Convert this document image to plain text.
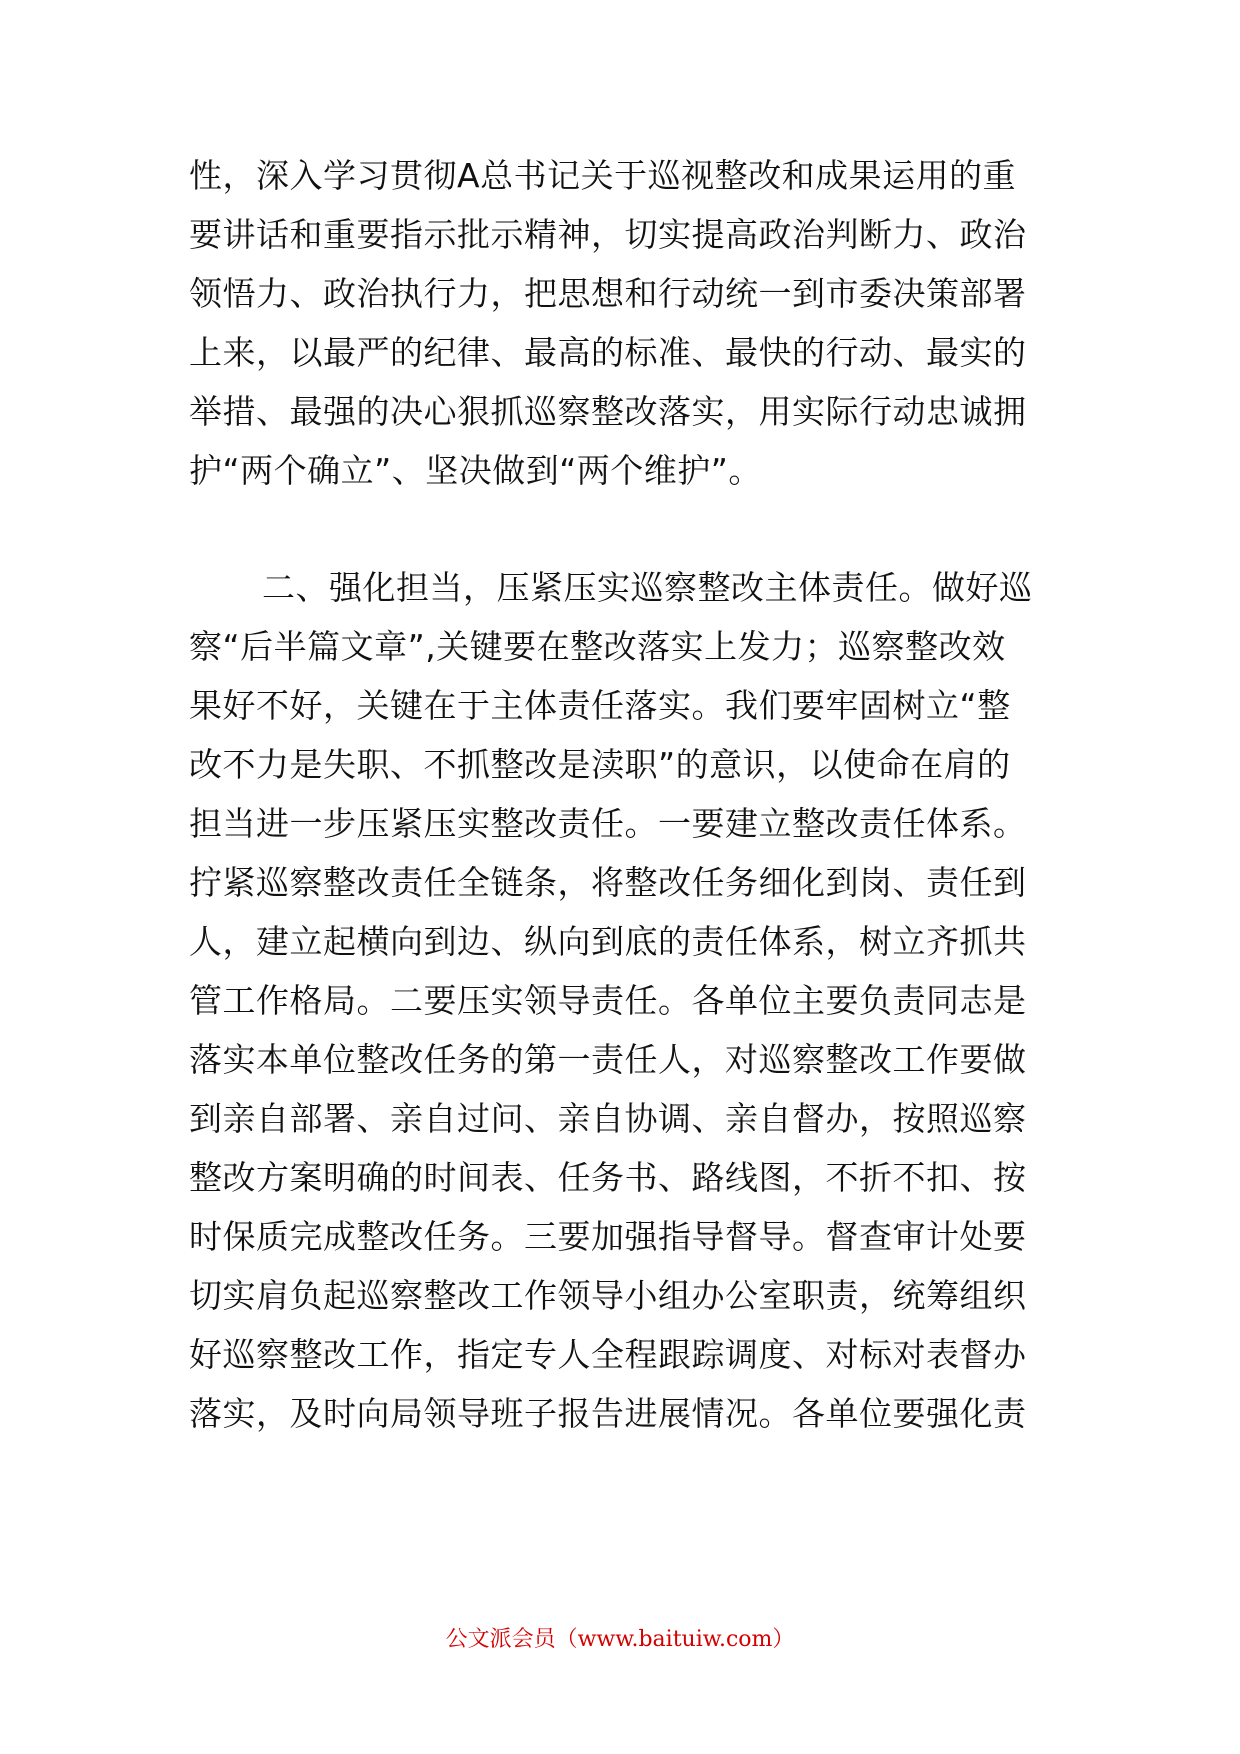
性，深入学习贯彻A总书记关于巡视整改和成果运用的重
要讲话和重要指示批示精神，切实提高政治判断力、政治
领悟力、政治执行力，把思想和行动统一到市委决策部署
上来，以最严的纪律、最高的标准、最快的行动、最实的
举措、最强的决心狠抓巡察整改落实，用实际行动忠诚拥
护“两个确立”、坚决做到“两个维护”。
二、强化担当，压紧压实巡察整改主体责任。做好巡
察“后半篇文章”,关键要在整改落实上发力；巡察整改效
果好不好，关键在于主体责任落实。我们要牢固树立“整
改不力是失职、不抓整改是渎职”的意识，以使命在肩的
担当进一步压紧压实整改责任。一要建立整改责任体系。
拧紧巡察整改责任全链条，将整改任务细化到岗、责任到
人，建立起横向到边、纵向到底的责任体系，树立齐抓共
管工作格局。二要压实领导责任。各单位主要负责同志是
落实本单位整改任务的第一责任人，对巡察整改工作要做
到亲自部署、亲自过问、亲自协调、亲自督办，按照巡察
整改方案明确的时间表、任务书、路线图，不折不扣、按
时保质完成整改任务。三要加强指导督导。督查审计处要
切实肩负起巡察整改工作领导小组办公室职责，统筹组织
好巡察整改工作，指定专人全程跟踪调度、对标对表督办
落实，及时向局领导班子报告进展情况。各单位要强化责
公文派会员（www.baituiw.com）
